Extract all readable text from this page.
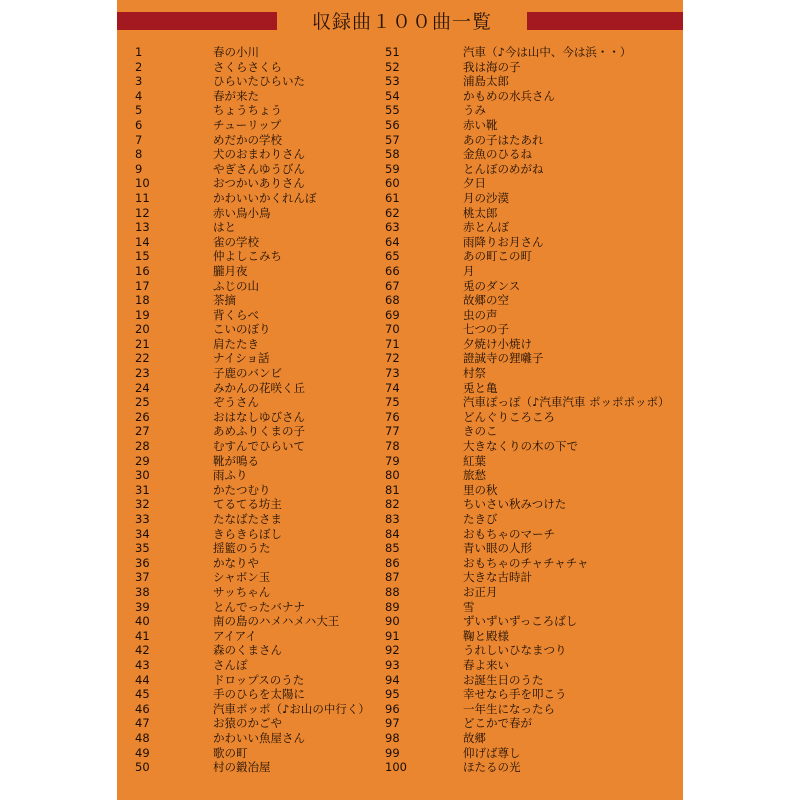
収録曲１００曲一覧
1	春の小川
2	さくらさくら
3	ひらいたひらいた
4	春が来た
5	ちょうちょう
6	チューリップ
7	めだかの学校
8	犬のおまわりさん
9	やぎさんゆうびん
10	おつかいありさん
11	かわいいかくれんぼ
12	赤い鳥小鳥
13	はと
14	雀の学校
15	仲よしこみち
16	朧月夜
17	ふじの山
18	茶摘
19	背くらべ
20	こいのぼり
21	肩たたき
22	ナイショ話
23	子鹿のバンビ
24	みかんの花咲く丘
25	ぞうさん
26	おはなしゆびさん
27	あめふりくまの子
28	むすんでひらいて
29	靴が鳴る
30	雨ふり
31	かたつむり
32	てるてる坊主
33	たなばたさま
34	きらきらぼし
35	揺籃のうた
36	かなりや
37	シャボン玉
38	サッちゃん
39	とんでったバナナ
40	南の島のハメハメハ大王
41	アイアイ
42	森のくまさん
43	さんぽ
44	ドロップスのうた
45	手のひらを太陽に
46	汽車ポッポ（♪お山の中行く）
47	お猿のかごや
48	かわいい魚屋さん
49	歌の町
50	村の鍛冶屋
51	汽車（♪今は山中、今は浜・・）
52	我は海の子
53	浦島太郎
54	かもめの水兵さん
55	うみ
56	赤い靴
57	あの子はたあれ
58	金魚のひるね
59	とんぼのめがね
60	夕日
61	月の沙漠
62	桃太郎
63	赤とんぼ
64	雨降りお月さん
65	あの町この町
66	月
67	兎のダンス
68	故郷の空
69	虫の声
70	七つの子
71	夕焼け小焼け
72	證誠寺の狸囃子
73	村祭
74	兎と亀
75	汽車ぽっぽ（♪汽車汽車 ポッポポッポ）
76	どんぐりころころ
77	きのこ
78	大きなくりの木の下で
79	紅葉
80	旅愁
81	里の秋
82	ちいさい秋みつけた
83	たきび
84	おもちゃのマーチ
85	青い眼の人形
86	おもちゃのチャチャチャ
87	大きな古時計
88	お正月
89	雪
90	ずいずいずっころばし
91	鞠と殿様
92	うれしいひなまつり
93	春よ来い
94	お誕生日のうた
95	幸せなら手を叩こう
96	一年生になったら
97	どこかで春が
98	故郷
99	仰げば尊し
100	ほたるの光
